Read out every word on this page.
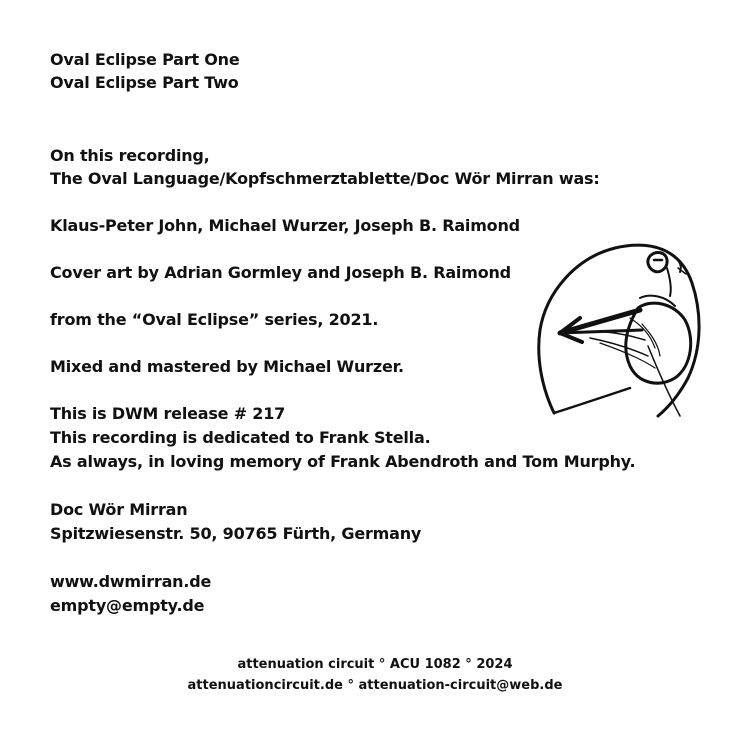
Oval Eclipse Part One
Oval Eclipse Part Two
On this recording,
The Oval Language/Kopfschmerztablette/Doc Wör Mirran was:
Klaus-Peter John, Michael Wurzer, Joseph B. Raimond
Cover art by Adrian Gormley and Joseph B. Raimond
from the “Oval Eclipse” series, 2021.
Mixed and mastered by Michael Wurzer.
This is DWM release # 217
This recording is dedicated to Frank Stella.
As always, in loving memory of Frank Abendroth and Tom Murphy.
Doc Wör Mirran
Spitzwiesenstr. 50, 90765 Fürth, Germany
www.dwmirran.de
empty@empty.de
attenuation circuit ° ACU 1082 ° 2024
attenuationcircuit.de ° attenuation-circuit@web.de
